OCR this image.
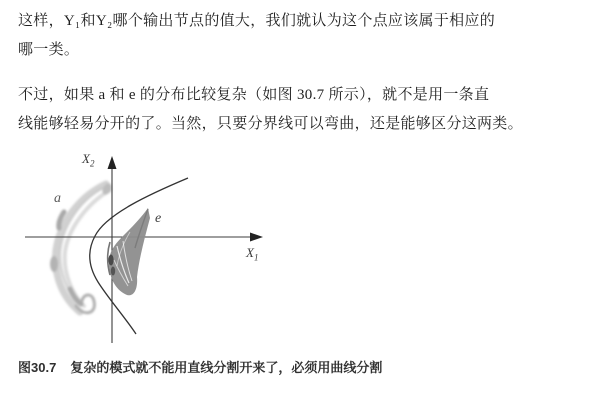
这样，Y₁和Y₂哪个输出节点的值大，我们就认为这个点应该属于相应的
哪一类。
不过，如果 a 和 e 的分布比较复杂（如图 30.7 所示），就不是用一条直
线能够轻易分开的了。当然，只要分界线可以弯曲，还是能够区分这两类。
$X_2$
$X_1$
a
e
图30.7 复杂的模式就不能用直线分割开来了，必须用曲线分割
